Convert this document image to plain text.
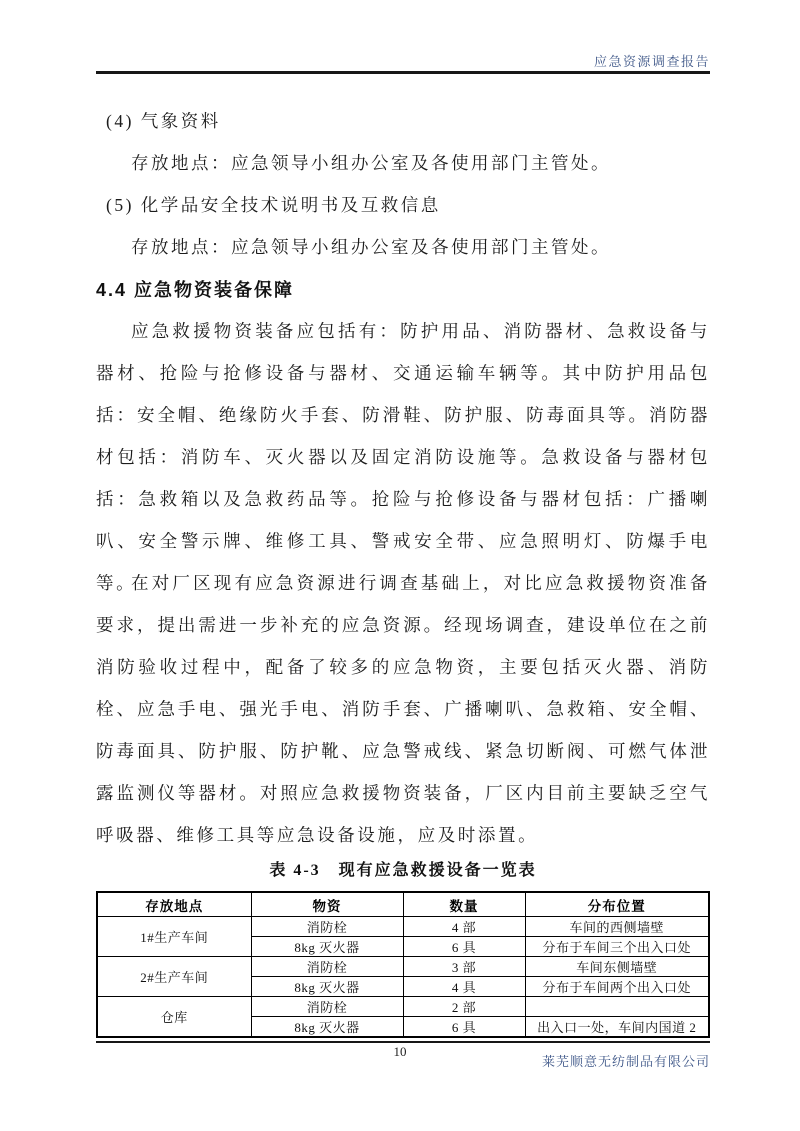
应急资源调查报告
(4) 气象资料
存放地点：应急领导小组办公室及各使用部门主管处。
(5) 化学品安全技术说明书及互救信息
存放地点：应急领导小组办公室及各使用部门主管处。
4.4 应急物资装备保障
应急救援物资装备应包括有：防护用品、消防器材、急救设备与器材、抢险与抢修设备与器材、交通运输车辆等。其中防护用品包括：安全帽、绝缘防火手套、防滑鞋、防护服、防毒面具等。消防器材包括：消防车、灭火器以及固定消防设施等。急救设备与器材包括：急救箱以及急救药品等。抢险与抢修设备与器材包括：广播喇叭、安全警示牌、维修工具、警戒安全带、应急照明灯、防爆手电等。
在对厂区现有应急资源进行调查基础上，对比应急救援物资准备要求，提出需进一步补充的应急资源。经现场调查，建设单位在之前消防验收过程中，配备了较多的应急物资，主要包括灭火器、消防栓、应急手电、强光手电、消防手套、广播喇叭、急救箱、安全帽、防毒面具、防护服、防护靴、应急警戒线、紧急切断阀、可燃气体泄露监测仪等器材。对照应急救援物资装备，厂区内目前主要缺乏空气呼吸器、维修工具等应急设备设施，应及时添置。
表 4-3　现有应急救援设备一览表
存放地点	物资	数量	分布位置
1#生产车间	消防栓	4 部	车间的西侧墙壁
	8kg 灭火器	6 具	分布于车间三个出入口处
2#生产车间	消防栓	3 部	车间东侧墙壁
	8kg 灭火器	4 具	分布于车间两个出入口处
仓库	消防栓	2 部	
	8kg 灭火器	6 具	出入口一处，车间内国道 2
10
莱芜顺意无纺制品有限公司
